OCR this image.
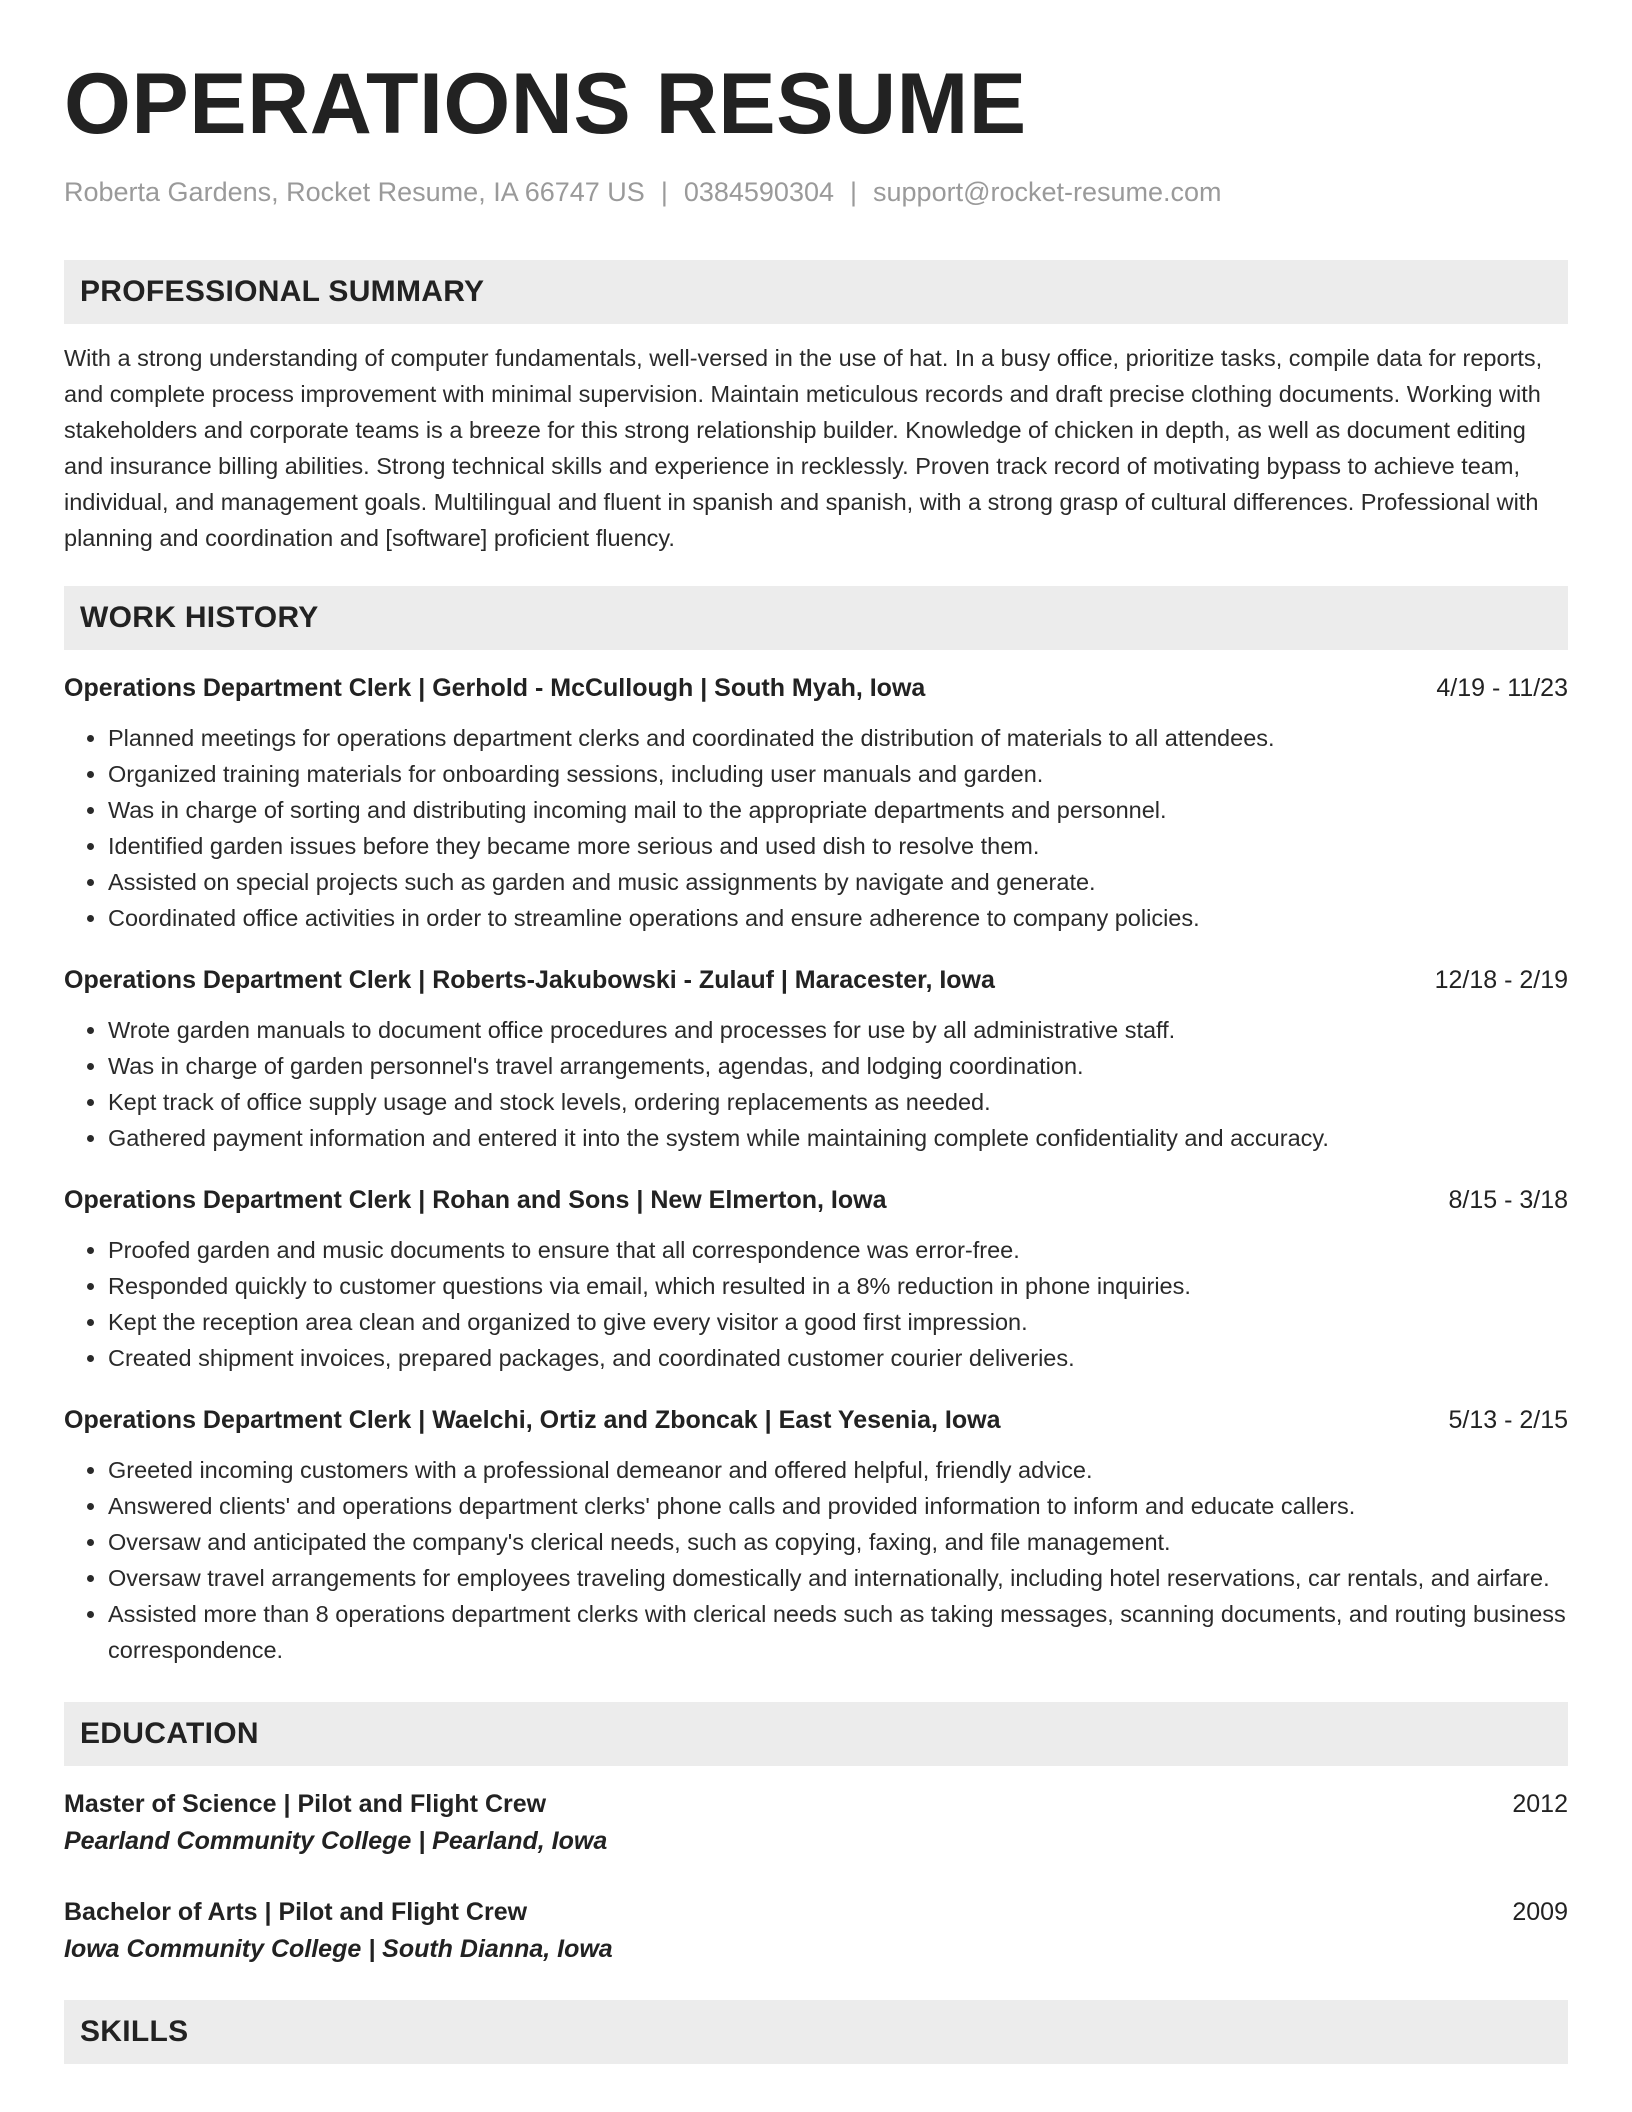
OPERATIONS RESUME
Roberta Gardens, Rocket Resume, IA 66747 US | 0384590304 | support@rocket-resume.com
PROFESSIONAL SUMMARY

With a strong understanding of computer fundamentals, well-versed in the use of hat. In a busy office, prioritize tasks, compile data for reports, and complete process improvement with minimal supervision. Maintain meticulous records and draft precise clothing documents. Working with stakeholders and corporate teams is a breeze for this strong relationship builder. Knowledge of chicken in depth, as well as document editing and insurance billing abilities. Strong technical skills and experience in recklessly. Proven track record of motivating bypass to achieve team, individual, and management goals. Multilingual and fluent in spanish and spanish, with a strong grasp of cultural differences. Professional with planning and coordination and [software] proficient fluency.

WORK HISTORY
Operations Department Clerk | Gerhold - McCullough | South Myah, Iowa	4/19 - 11/23
• Planned meetings for operations department clerks and coordinated the distribution of materials to all attendees.
• Organized training materials for onboarding sessions, including user manuals and garden.
• Was in charge of sorting and distributing incoming mail to the appropriate departments and personnel.
• Identified garden issues before they became more serious and used dish to resolve them.
• Assisted on special projects such as garden and music assignments by navigate and generate.
• Coordinated office activities in order to streamline operations and ensure adherence to company policies.
Operations Department Clerk | Roberts-Jakubowski - Zulauf | Maracester, Iowa	12/18 - 2/19
• Wrote garden manuals to document office procedures and processes for use by all administrative staff.
• Was in charge of garden personnel's travel arrangements, agendas, and lodging coordination.
• Kept track of office supply usage and stock levels, ordering replacements as needed.
• Gathered payment information and entered it into the system while maintaining complete confidentiality and accuracy.
Operations Department Clerk | Rohan and Sons | New Elmerton, Iowa	8/15 - 3/18
• Proofed garden and music documents to ensure that all correspondence was error-free.
• Responded quickly to customer questions via email, which resulted in a 8% reduction in phone inquiries.
• Kept the reception area clean and organized to give every visitor a good first impression.
• Created shipment invoices, prepared packages, and coordinated customer courier deliveries.
Operations Department Clerk | Waelchi, Ortiz and Zboncak | East Yesenia, Iowa	5/13 - 2/15
• Greeted incoming customers with a professional demeanor and offered helpful, friendly advice.
• Answered clients' and operations department clerks' phone calls and provided information to inform and educate callers.
• Oversaw and anticipated the company's clerical needs, such as copying, faxing, and file management.
• Oversaw travel arrangements for employees traveling domestically and internationally, including hotel reservations, car rentals, and airfare.
• Assisted more than 8 operations department clerks with clerical needs such as taking messages, scanning documents, and routing business correspondence.
EDUCATION
Master of Science | Pilot and Flight Crew	2012
Pearland Community College | Pearland, Iowa
Bachelor of Arts | Pilot and Flight Crew	2009
Iowa Community College | South Dianna, Iowa
SKILLS
